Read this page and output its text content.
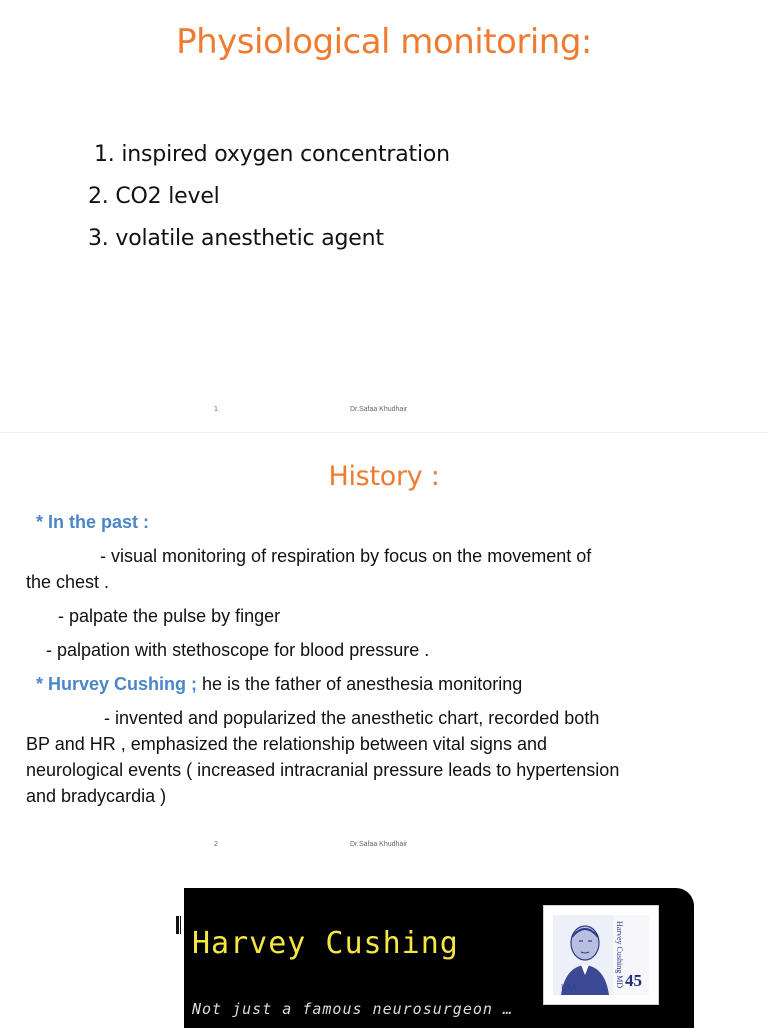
Physiological monitoring:
1. inspired oxygen concentration
2. CO2 level
3. volatile anesthetic agent
1	Dr.Safaa Khudhair
History :
* In the past :
- visual monitoring of respiration by focus on the movement of
the chest .
- palpate the pulse by finger
- palpation with stethoscope for blood pressure .
* Hurvey Cushing ; he is the father of anesthesia monitoring
- invented and popularized the anesthetic chart, recorded both
BP and HR , emphasized the relationship between vital signs and
neurological events ( increased intracranial pressure leads to hypertension
and bradycardia )
2	Dr.Safaa Khudhair
Harvey Cushing
Not just a famous neurosurgeon …
Harvey Cushing MD
USA	45
